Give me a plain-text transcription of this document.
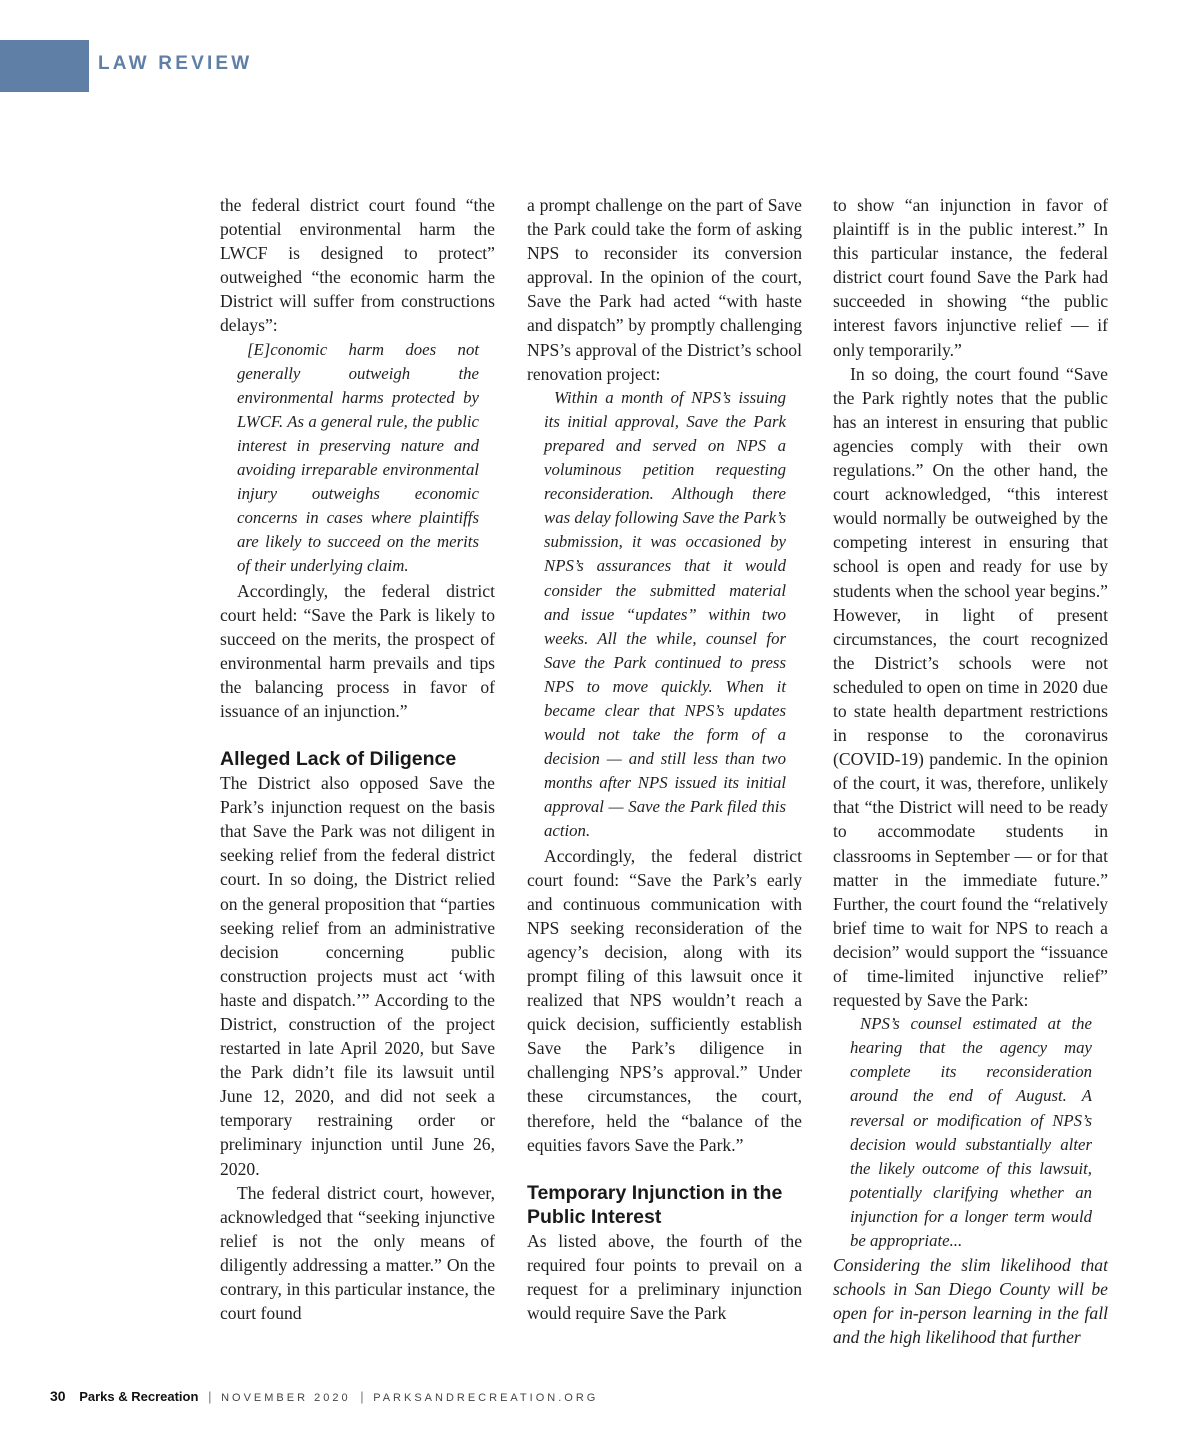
LAW REVIEW

the federal district court found “the potential environmental harm the LWCF is designed to protect” outweighed “the economic harm the District will suffer from constructions delays”:

[E]conomic harm does not generally outweigh the environmental harms protected by LWCF. As a general rule, the public interest in preserving nature and avoiding irreparable environmental injury outweighs economic concerns in cases where plaintiffs are likely to succeed on the merits of their underlying claim.

Accordingly, the federal district court held: “Save the Park is likely to succeed on the merits, the prospect of environmental harm prevails and tips the balancing process in favor of issuance of an injunction.”

Alleged Lack of Diligence

The District also opposed Save the Park’s injunction request on the basis that Save the Park was not diligent in seeking relief from the federal district court. In so doing, the District relied on the general proposition that “parties seeking relief from an administrative decision concerning public construction projects must act ‘with haste and dispatch.’” According to the District, construction of the project restarted in late April 2020, but Save the Park didn’t file its lawsuit until June 12, 2020, and did not seek a temporary restraining order or preliminary injunction until June 26, 2020.

The federal district court, however, acknowledged that “seeking injunctive relief is not the only means of diligently addressing a matter.” On the contrary, in this particular instance, the court found

a prompt challenge on the part of Save the Park could take the form of asking NPS to reconsider its conversion approval. In the opinion of the court, Save the Park had acted “with haste and dispatch” by promptly challenging NPS’s approval of the District’s school renovation project:

Within a month of NPS’s issuing its initial approval, Save the Park prepared and served on NPS a voluminous petition requesting reconsideration. Although there was delay following Save the Park’s submission, it was occasioned by NPS’s assurances that it would consider the submitted material and issue “updates” within two weeks. All the while, counsel for Save the Park continued to press NPS to move quickly. When it became clear that NPS’s updates would not take the form of a decision — and still less than two months after NPS issued its initial approval — Save the Park filed this action.

Accordingly, the federal district court found: “Save the Park’s early and continuous communication with NPS seeking reconsideration of the agency’s decision, along with its prompt filing of this lawsuit once it realized that NPS wouldn’t reach a quick decision, sufficiently establish Save the Park’s diligence in challenging NPS’s approval.” Under these circumstances, the court, therefore, held the “balance of the equities favors Save the Park.”

Temporary Injunction in the Public Interest

As listed above, the fourth of the required four points to prevail on a request for a preliminary injunction would require Save the Park

to show “an injunction in favor of plaintiff is in the public interest.” In this particular instance, the federal district court found Save the Park had succeeded in showing “the public interest favors injunctive relief — if only temporarily.”

In so doing, the court found “Save the Park rightly notes that the public has an interest in ensuring that public agencies comply with their own regulations.” On the other hand, the court acknowledged, “this interest would normally be outweighed by the competing interest in ensuring that school is open and ready for use by students when the school year begins.” However, in light of present circumstances, the court recognized the District’s schools were not scheduled to open on time in 2020 due to state health department restrictions in response to the coronavirus (COVID-19) pandemic. In the opinion of the court, it was, therefore, unlikely that “the District will need to be ready to accommodate students in classrooms in September — or for that matter in the immediate future.” Further, the court found the “relatively brief time to wait for NPS to reach a decision” would support the “issuance of time-limited injunctive relief” requested by Save the Park:

NPS’s counsel estimated at the hearing that the agency may complete its reconsideration around the end of August. A reversal or modification of NPS’s decision would substantially alter the likely outcome of this lawsuit, potentially clarifying whether an injunction for a longer term would be appropriate...

Considering the slim likelihood that schools in San Diego County will be open for in-person learning in the fall and the high likelihood that further

30 Parks & Recreation | NOVEMBER 2020 | PARKSANDRECREATION.ORG
